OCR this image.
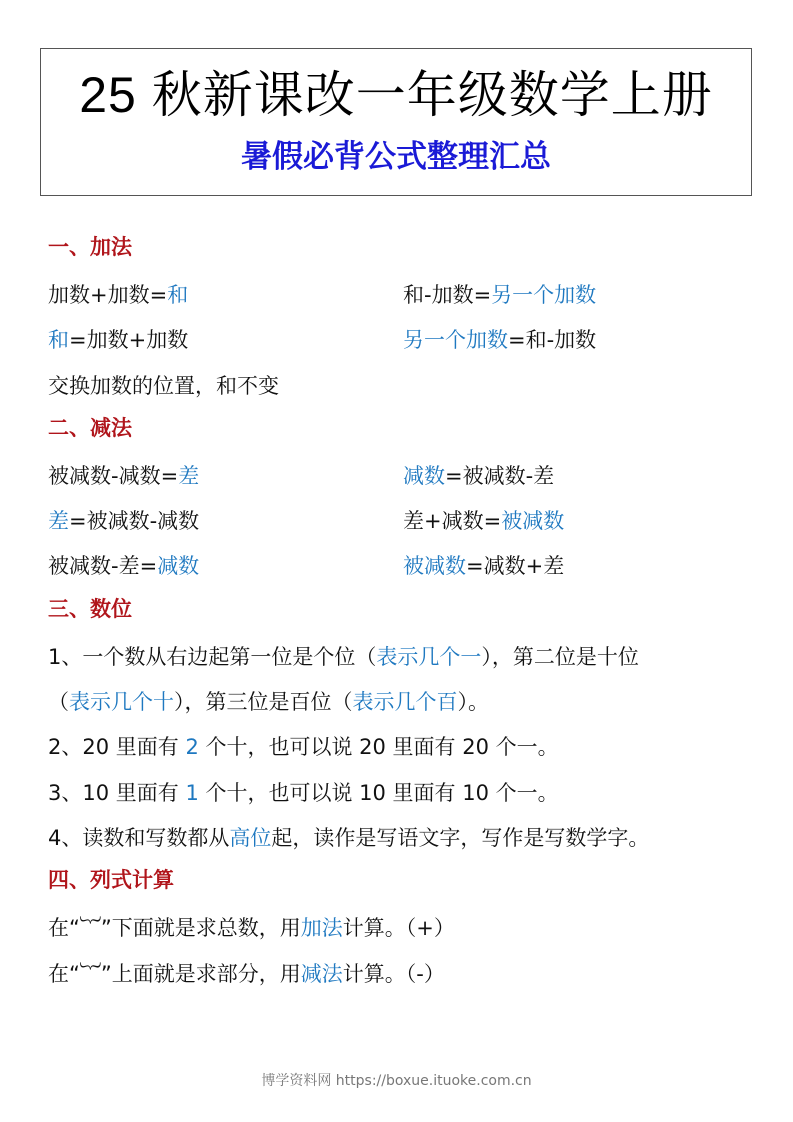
25 秋新课改一年级数学上册
暑假必背公式整理汇总
一、加法
加数+加数=和	和-加数=另一个加数
和=加数+加数	另一个加数=和-加数
交换加数的位置，和不变
二、减法
被减数-减数=差	减数=被减数-差
差=被减数-减数	差+减数=被减数
被减数-差=减数	被减数=减数+差
三、数位
1、一个数从右边起第一位是个位（表示几个一），第二位是十位
（表示几个十），第三位是百位（表示几个百）。
2、20 里面有 2 个十，也可以说 20 里面有 20 个一。
3、10 里面有 1 个十，也可以说 10 里面有 10 个一。
4、读数和写数都从高位起，读作是写语文字，写作是写数学字。
四、列式计算
在“︸”下面就是求总数，用加法计算。（+）
在“︸”上面就是求部分，用减法计算。（-）
博学资料网 https://boxue.ituoke.com.cn
